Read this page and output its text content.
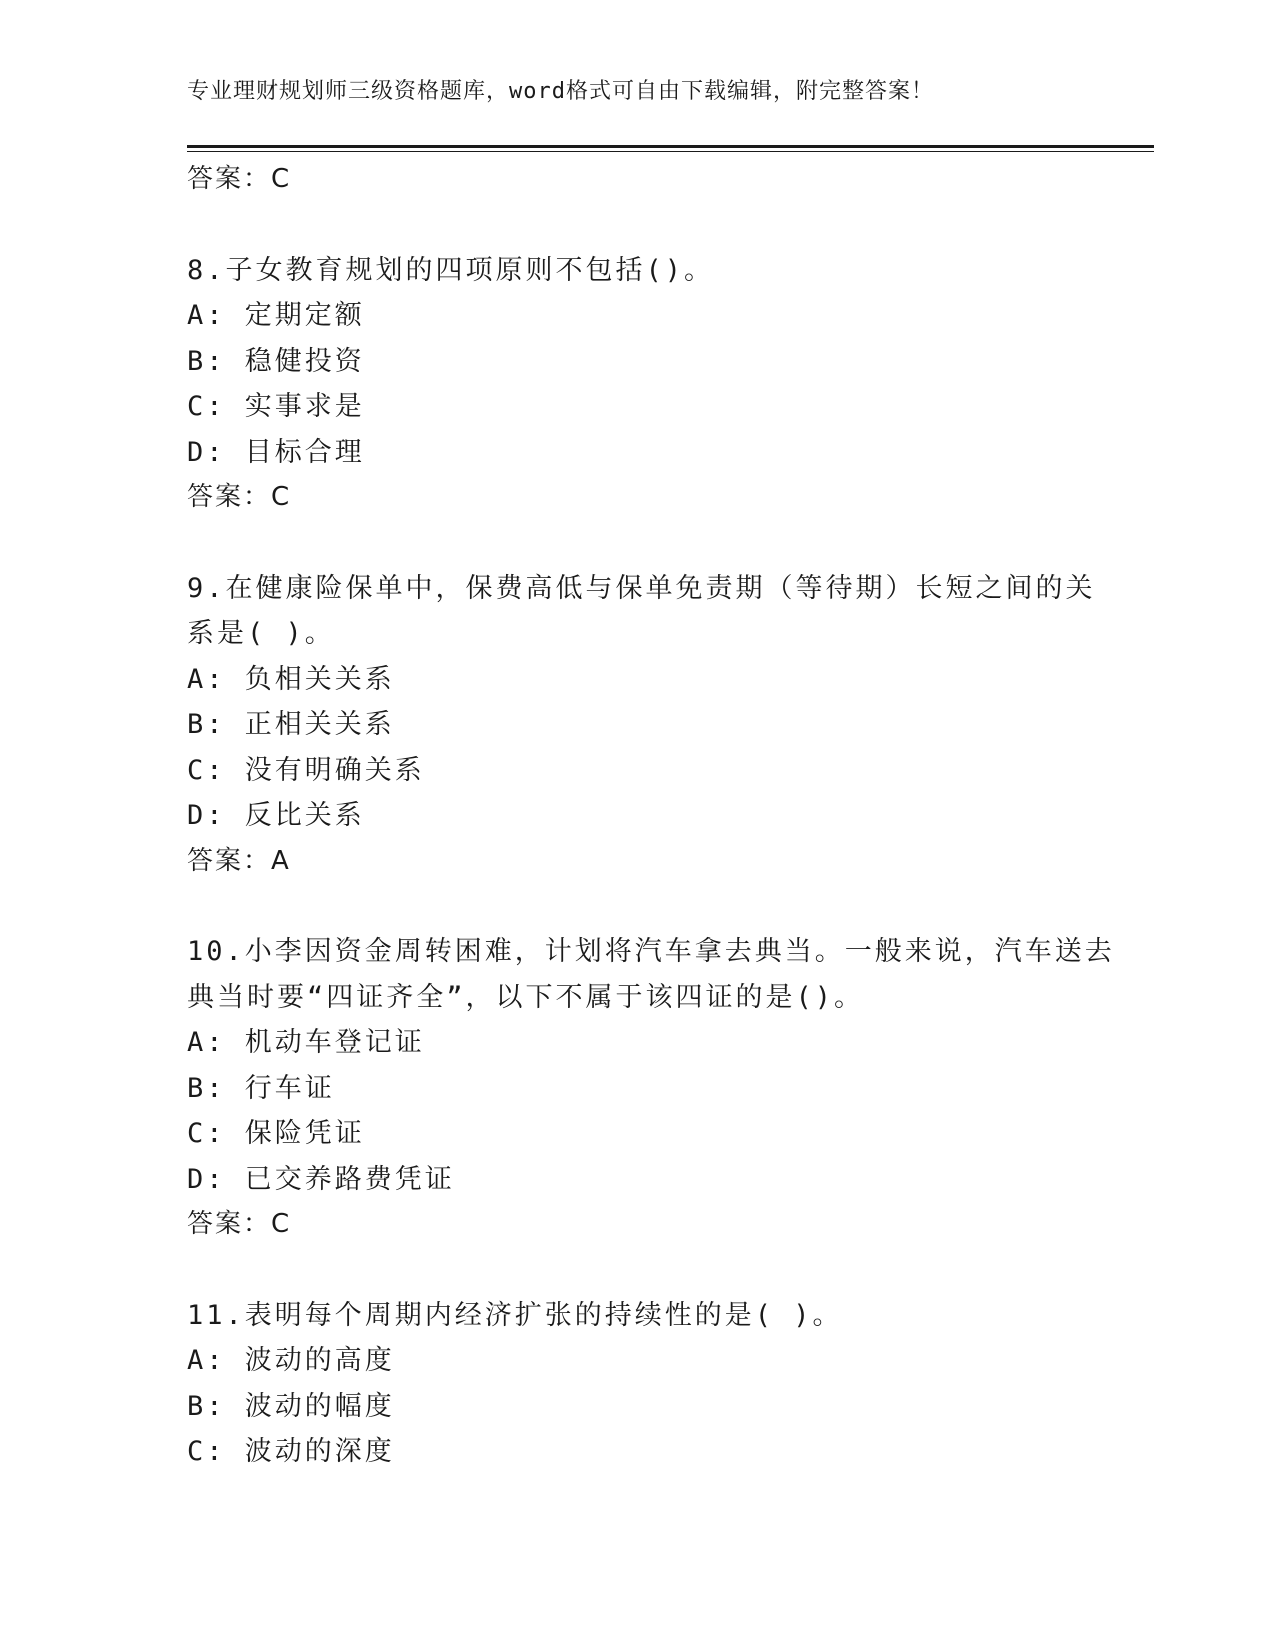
专业理财规划师三级资格题库，word格式可自由下载编辑，附完整答案！
答案：C
8.子女教育规划的四项原则不包括()。
A: 定期定额
B: 稳健投资
C: 实事求是
D: 目标合理
答案：C
9.在健康险保单中，保费高低与保单免责期（等待期）长短之间的关
系是( )。
A: 负相关关系
B: 正相关关系
C: 没有明确关系
D: 反比关系
答案：A
10.小李因资金周转困难，计划将汽车拿去典当。一般来说，汽车送去
典当时要“四证齐全”，以下不属于该四证的是()。
A: 机动车登记证
B: 行车证
C: 保险凭证
D: 已交养路费凭证
答案：C
11.表明每个周期内经济扩张的持续性的是( )。
A: 波动的高度
B: 波动的幅度
C: 波动的深度
